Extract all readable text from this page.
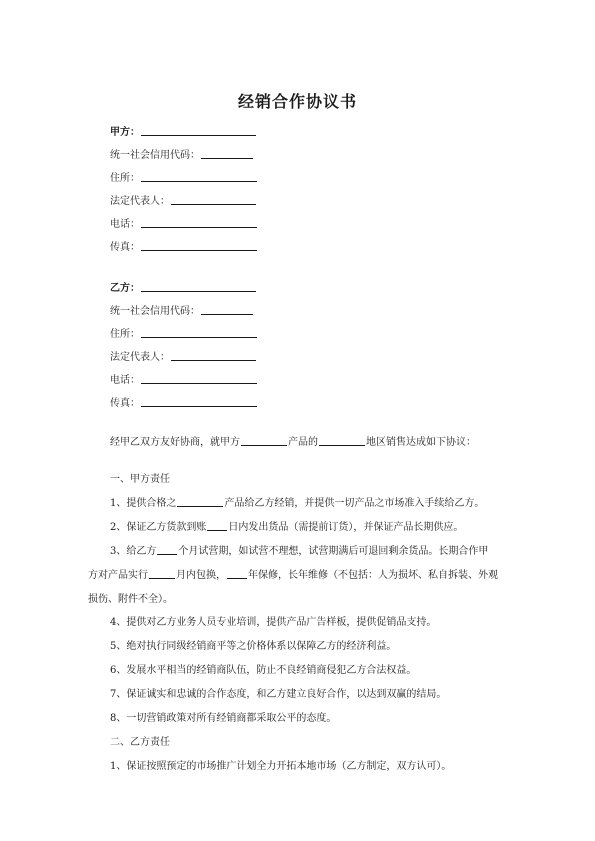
经销合作协议书
甲方：
统一社会信用代码：
住所：
法定代表人：
电话：
传真：
乙方：
统一社会信用代码：
住所：
法定代表人：
电话：
传真：
经甲乙双方友好协商，就甲方	产品的	地区销售达成如下协议：
一、甲方责任
1、提供合格之	产品给乙方经销，并提供一切产品之市场准入手续给乙方。
2、保证乙方货款到账 日内发出货品（需提前订货），并保证产品长期供应。
3、给乙方 个月试营期，如试营不理想，试营期满后可退回剩余货品。长期合作甲方对产品实行	月内包换， 年保修，长年维修（不包括：人为损坏、私自拆装、外观损伤、附件不全）。
4、提供对乙方业务人员专业培训，提供产品广告样板，提供促销品支持。
5、绝对执行同级经销商平等之价格体系以保障乙方的经济利益。
6、发展水平相当的经销商队伍，防止不良经销商侵犯乙方合法权益。
7、保证诚实和忠诚的合作态度，和乙方建立良好合作，以达到双赢的结局。
8、一切营销政策对所有经销商都采取公平的态度。
二、乙方责任
1、保证按照预定的市场推广计划全力开拓本地市场（乙方制定，双方认可）。
